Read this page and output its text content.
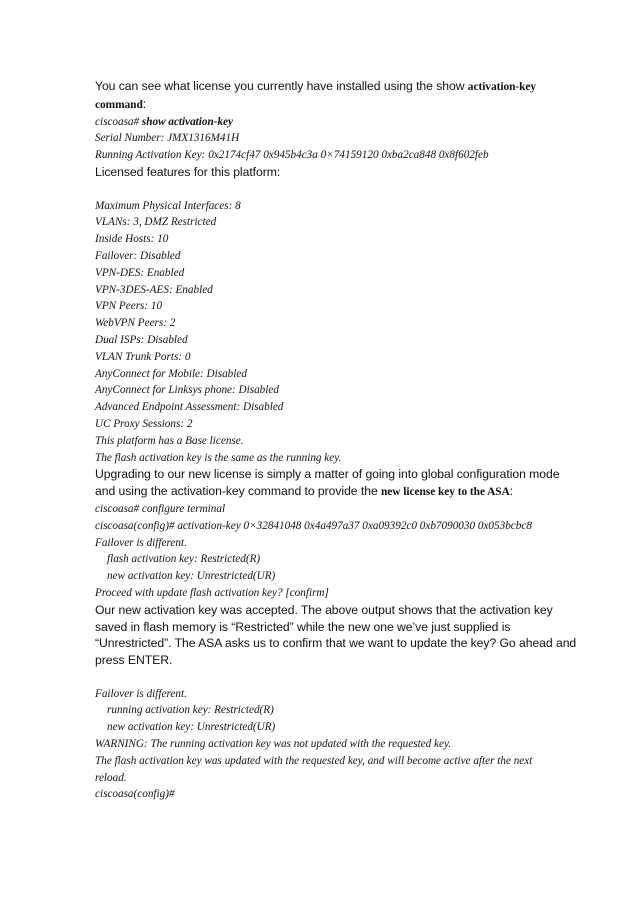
You can see what license you currently have installed using the show activation-key

command:

ciscoasa# show activation-key

Serial Number: JMX1316M41H

Running Activation Key: 0x2174cf47 0x945b4c3a 0×74159120 0xba2ca848 0x8f602feb

Licensed features for this platform:

Maximum Physical Interfaces: 8

VLANs: 3, DMZ Restricted

Inside Hosts: 10

Failover: Disabled

VPN-DES: Enabled

VPN-3DES-AES: Enabled

VPN Peers: 10

WebVPN Peers: 2

Dual ISPs: Disabled

VLAN Trunk Ports: 0

AnyConnect for Mobile: Disabled

AnyConnect for Linksys phone: Disabled

Advanced Endpoint Assessment: Disabled

UC Proxy Sessions: 2

This platform has a Base license.

The flash activation key is the same as the running key.

Upgrading to our new license is simply a matter of going into global configuration mode

and using the activation-key command to provide the new license key to the ASA:

ciscoasa# configure terminal

ciscoasa(config)# activation-key 0×32841048 0x4a497a37 0xa09392c0 0xb7090030 0x053bcbc8

Failover is different.

flash activation key: Restricted(R)

new activation key: Unrestricted(UR)

Proceed with update flash activation key? [confirm]

Our new activation key was accepted. The above output shows that the activation key

saved in flash memory is “Restricted” while the new one we’ve just supplied is

“Unrestricted”. The ASA asks us to confirm that we want to update the key? Go ahead and

press ENTER.

Failover is different.

running activation key: Restricted(R)

new activation key: Unrestricted(UR)

WARNING: The running activation key was not updated with the requested key.

The flash activation key was updated with the requested key, and will become active after the next

reload.

ciscoasa(config)#
